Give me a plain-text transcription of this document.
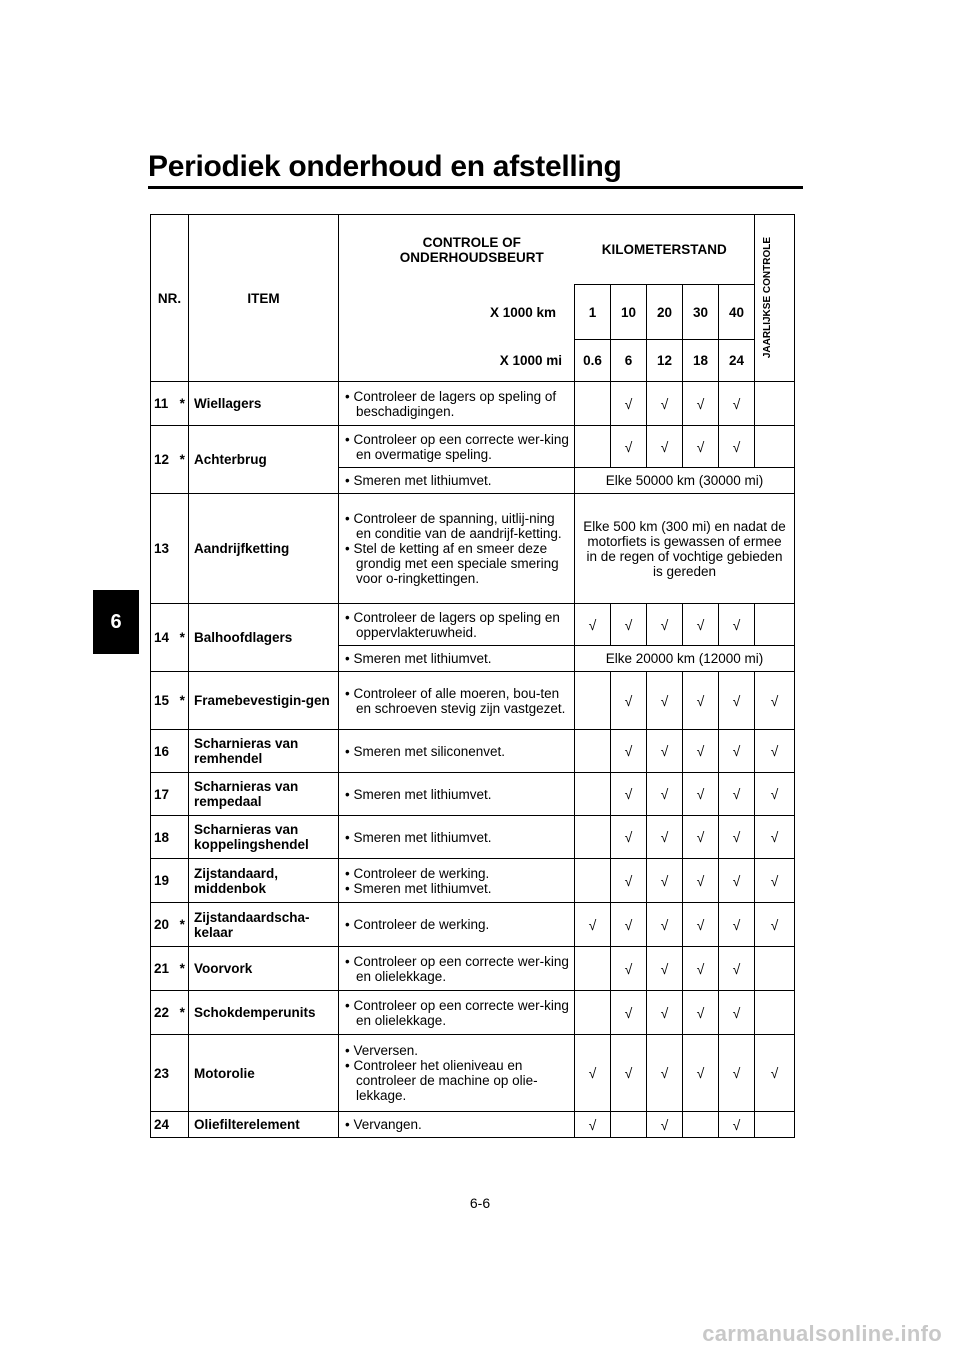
Periodiek onderhoud en afstelling
6
NR.		ITEM	CONTROLE OF
ONDERHOUDSBEURT	KILOMETERSTAND					JAARLIJKSE CONTROLE

			X 1000 km	1	10	20	30	40	
			X 1000 mi	0.6	6	12	18	24	
11	*	Wiellagers	• Controleer de lagers op speling of beschadigingen.		√	√	√	√	
12	*	Achterbrug	• Controleer op een correcte wer-king en overmatige speling.		√	√	√	√	

			• Smeren met lithiumvet.	Elke 50000 km (30000 mi)					
13		Aandrijfketting	• Controleer de spanning, uitlij-ning en conditie van de aandrijf-ketting.
• Stel de ketting af en smeer deze grondig met een speciale smering voor o-ringkettingen.	Elke 500 km (300 mi) en nadat de motorfiets is gewassen of ermee in de regen of vochtige gebieden is gereden					
14	*	Balhoofdlagers	• Controleer de lagers op speling en oppervlakteruwheid.	√	√	√	√	√	

			• Smeren met lithiumvet.	Elke 20000 km (12000 mi)					
15	*	Framebevestigin-gen	• Controleer of alle moeren, bou-ten en schroeven stevig zijn vastgezet.		√	√	√	√	√
16		Scharnieras van remhendel	• Smeren met siliconenvet.		√	√	√	√	√
17		Scharnieras van rempedaal	• Smeren met lithiumvet.		√	√	√	√	√
18		Scharnieras van koppelingshendel	• Smeren met lithiumvet.		√	√	√	√	√
19		Zijstandaard, middenbok	• Controleer de werking.
• Smeren met lithiumvet.		√	√	√	√	√
20	*	Zijstandaardscha-kelaar	• Controleer de werking.	√	√	√	√	√	√
21	*	Voorvork	• Controleer op een correcte wer-king en olielekkage.		√	√	√	√	
22	*	Schokdemperunits	• Controleer op een correcte wer-king en olielekkage.		√	√	√	√	
23		Motorolie	• Verversen.
• Controleer het olieniveau en controleer de machine op olie-lekkage.	√	√	√	√	√	√
24		Oliefilterelement	• Vervangen.	√		√		√	
6-6
carmanualsonline.info
